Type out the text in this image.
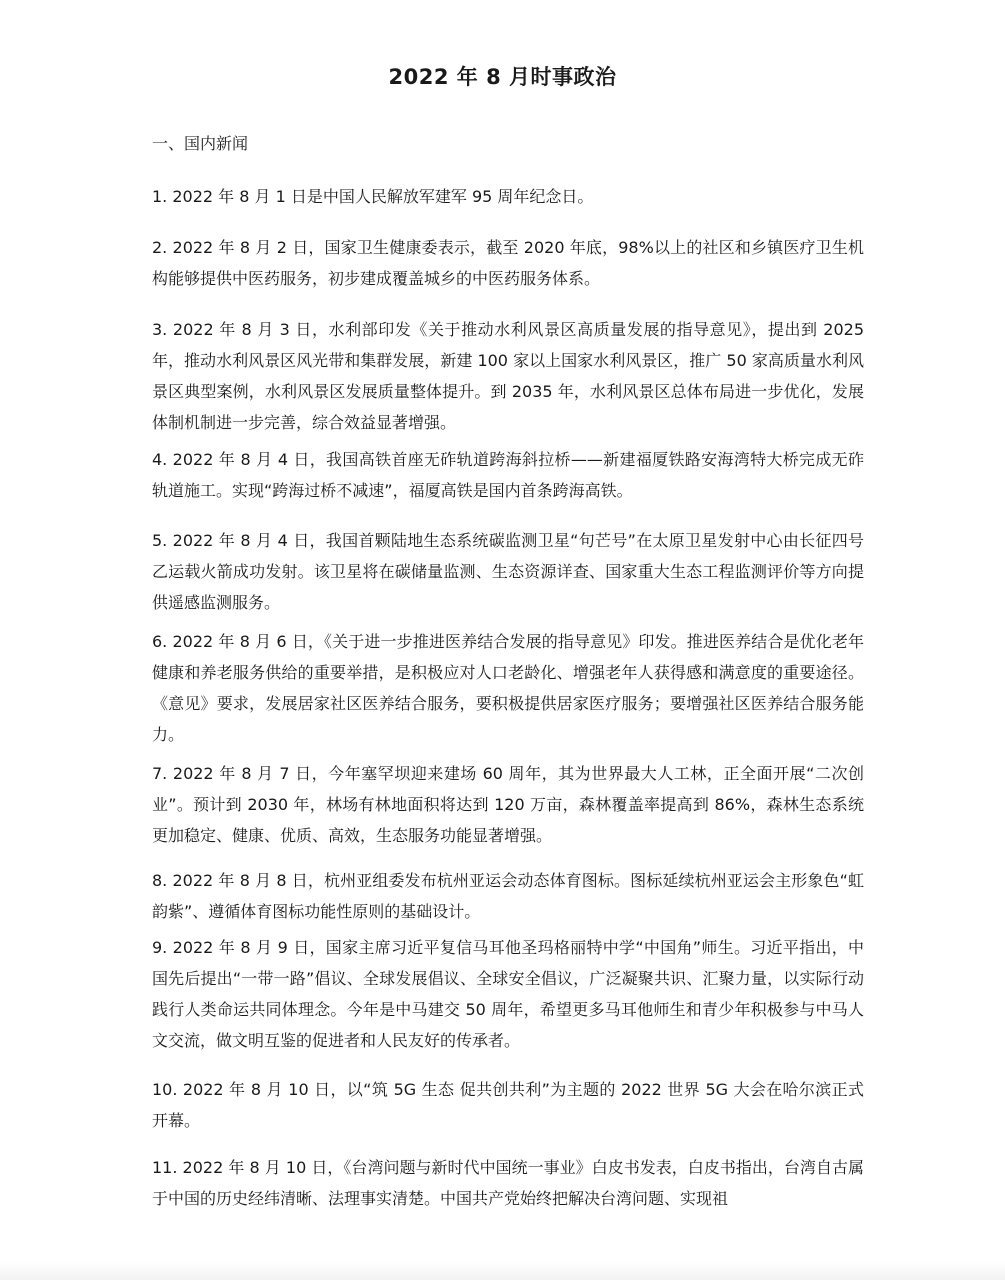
2022 年 8 月时事政治
一、国内新闻

1. 2022 年 8 月 1 日是中国人民解放军建军 95 周年纪念日。

2. 2022 年 8 月 2 日，国家卫生健康委表示，截至 2020 年底，98%以上的社区和乡镇医疗卫生机构能够提供中医药服务，初步建成覆盖城乡的中医药服务体系。

3. 2022 年 8 月 3 日，水利部印发《关于推动水利风景区高质量发展的指导意见》，提出到 2025 年，推动水利风景区风光带和集群发展，新建 100 家以上国家水利风景区，推广 50 家高质量水利风景区典型案例，水利风景区发展质量整体提升。到 2035 年，水利风景区总体布局进一步优化，发展体制机制进一步完善，综合效益显著增强。

4. 2022 年 8 月 4 日，我国高铁首座无砟轨道跨海斜拉桥——新建福厦铁路安海湾特大桥完成无砟轨道施工。实现“跨海过桥不减速”，福厦高铁是国内首条跨海高铁。

5. 2022 年 8 月 4 日，我国首颗陆地生态系统碳监测卫星“句芒号”在太原卫星发射中心由长征四号乙运载火箭成功发射。该卫星将在碳储量监测、生态资源详查、国家重大生态工程监测评价等方向提供遥感监测服务。

6. 2022 年 8 月 6 日，《关于进一步推进医养结合发展的指导意见》印发。推进医养结合是优化老年健康和养老服务供给的重要举措，是积极应对人口老龄化、增强老年人获得感和满意度的重要途径。《意见》要求，发展居家社区医养结合服务，要积极提供居家医疗服务；要增强社区医养结合服务能力。

7. 2022 年 8 月 7 日，今年塞罕坝迎来建场 60 周年，其为世界最大人工林，正全面开展“二次创业”。预计到 2030 年，林场有林地面积将达到 120 万亩，森林覆盖率提高到 86%，森林生态系统更加稳定、健康、优质、高效，生态服务功能显著增强。

8. 2022 年 8 月 8 日，杭州亚组委发布杭州亚运会动态体育图标。图标延续杭州亚运会主形象色“虹韵紫”、遵循体育图标功能性原则的基础设计。

9. 2022 年 8 月 9 日，国家主席习近平复信马耳他圣玛格丽特中学“中国角”师生。习近平指出，中国先后提出“一带一路”倡议、全球发展倡议、全球安全倡议，广泛凝聚共识、汇聚力量，以实际行动践行人类命运共同体理念。今年是中马建交 50 周年，希望更多马耳他师生和青少年积极参与中马人文交流，做文明互鉴的促进者和人民友好的传承者。

10. 2022 年 8 月 10 日，以“筑 5G 生态 促共创共利”为主题的 2022 世界 5G 大会在哈尔滨正式开幕。

11. 2022 年 8 月 10 日，《台湾问题与新时代中国统一事业》白皮书发表，白皮书指出，台湾自古属于中国的历史经纬清晰、法理事实清楚。中国共产党始终把解决台湾问题、实现祖
